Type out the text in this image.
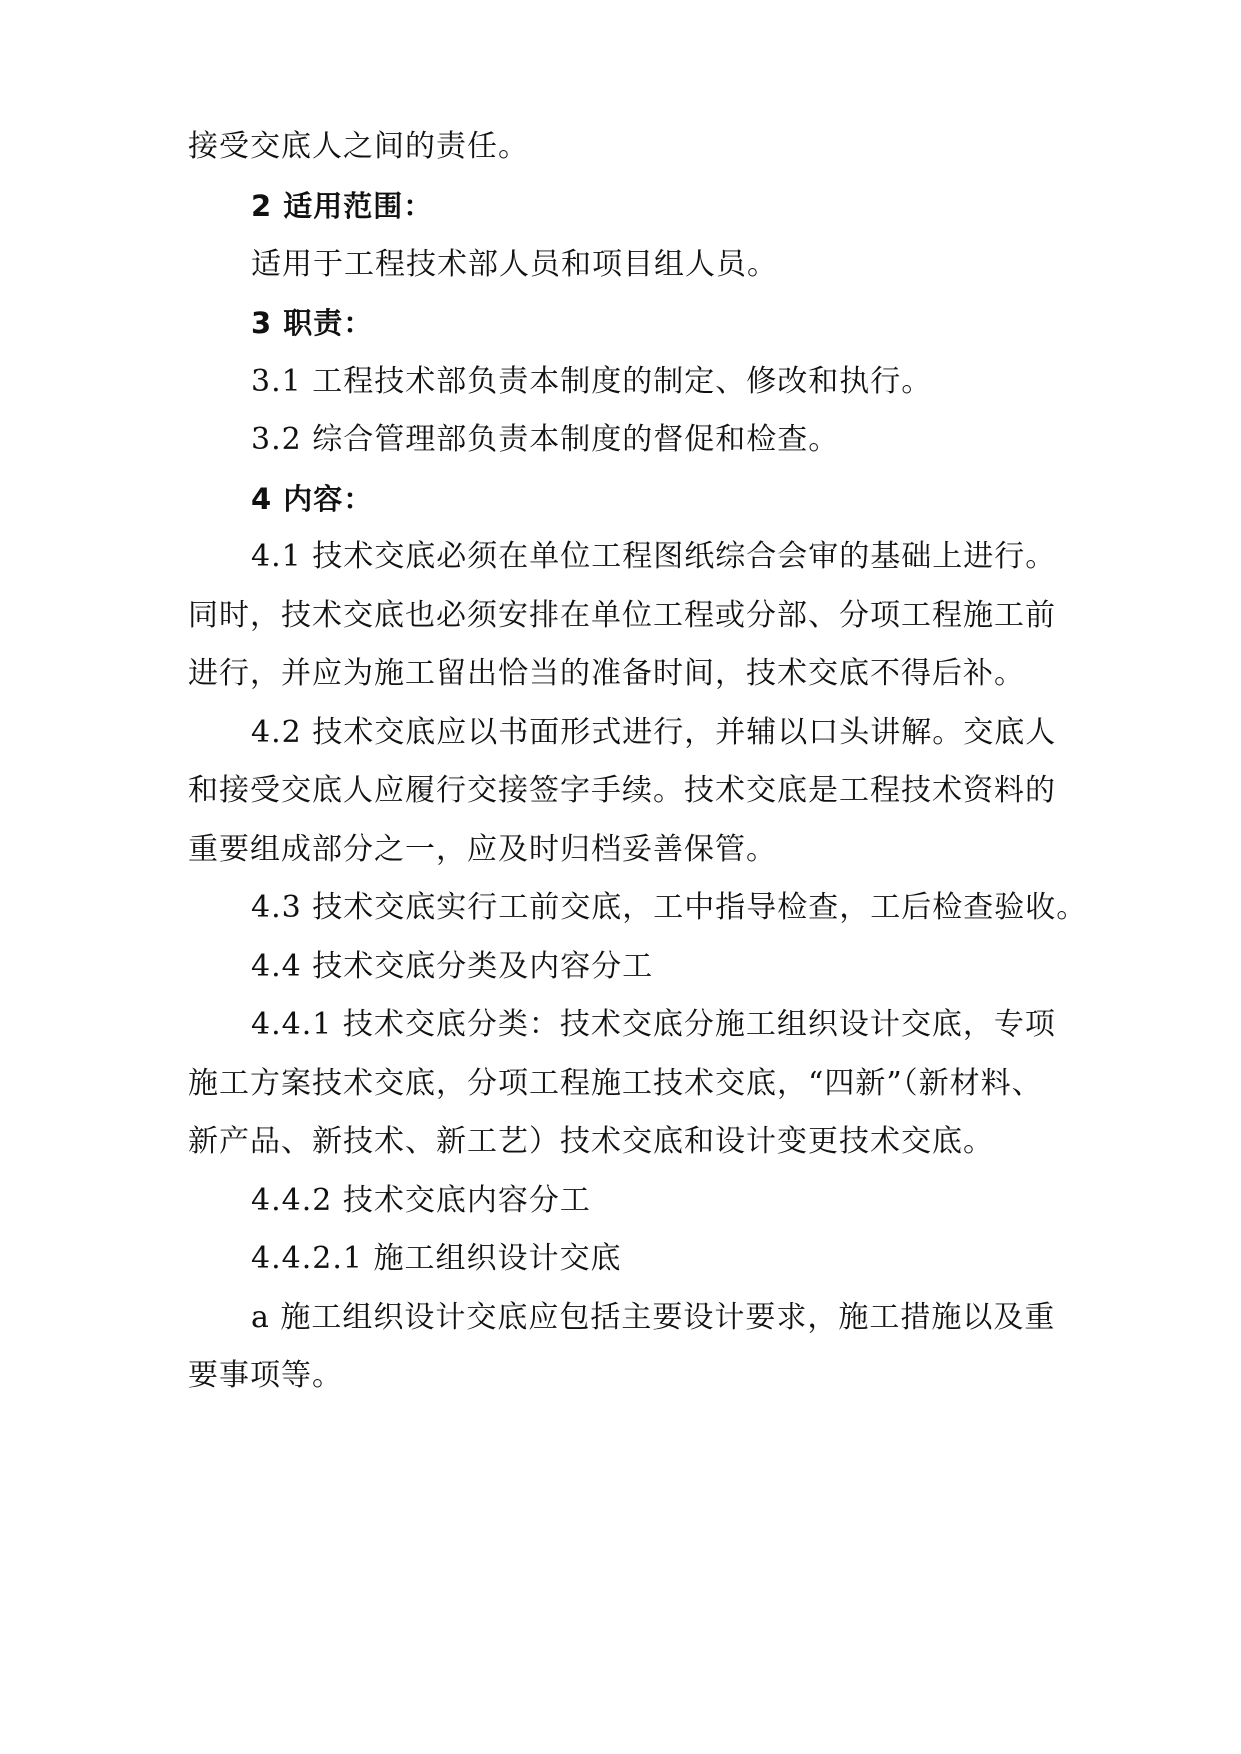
接受交底人之间的责任。
2 适用范围：
适用于工程技术部人员和项目组人员。
3 职责：
3.1 工程技术部负责本制度的制定、修改和执行。
3.2 综合管理部负责本制度的督促和检查。
4 内容：
4.1 技术交底必须在单位工程图纸综合会审的基础上进行。
同时，技术交底也必须安排在单位工程或分部、分项工程施工前
进行，并应为施工留出恰当的准备时间，技术交底不得后补。
4.2 技术交底应以书面形式进行，并辅以口头讲解。交底人
和接受交底人应履行交接签字手续。技术交底是工程技术资料的
重要组成部分之一，应及时归档妥善保管。
4.3 技术交底实行工前交底，工中指导检查，工后检查验收。
4.4 技术交底分类及内容分工
4.4.1 技术交底分类：技术交底分施工组织设计交底，专项
施工方案技术交底，分项工程施工技术交底，“四新”（新材料、
新产品、新技术、新工艺）技术交底和设计变更技术交底。
4.4.2 技术交底内容分工
4.4.2.1 施工组织设计交底
a 施工组织设计交底应包括主要设计要求，施工措施以及重
要事项等。
